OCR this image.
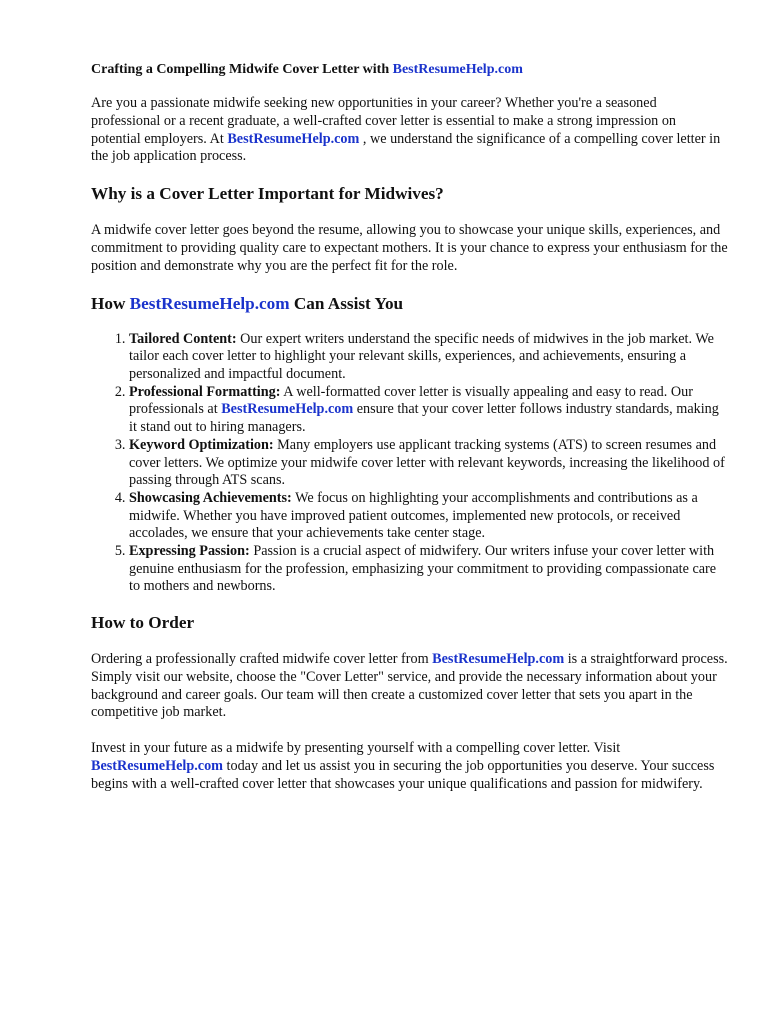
Crafting a Compelling Midwife Cover Letter with BestResumeHelp.com

Are you a passionate midwife seeking new opportunities in your career? Whether you're a seasoned professional or a recent graduate, a well-crafted cover letter is essential to make a strong impression on potential employers. At BestResumeHelp.com , we understand the significance of a compelling cover letter in the job application process.

Why is a Cover Letter Important for Midwives?

A midwife cover letter goes beyond the resume, allowing you to showcase your unique skills, experiences, and commitment to providing quality care to expectant mothers. It is your chance to express your enthusiasm for the position and demonstrate why you are the perfect fit for the role.

How BestResumeHelp.com Can Assist You
1. Tailored Content: Our expert writers understand the specific needs of midwives in the job market. We tailor each cover letter to highlight your relevant skills, experiences, and achievements, ensuring a personalized and impactful document.
2. Professional Formatting: A well-formatted cover letter is visually appealing and easy to read. Our professionals at BestResumeHelp.com ensure that your cover letter follows industry standards, making it stand out to hiring managers.
3. Keyword Optimization: Many employers use applicant tracking systems (ATS) to screen resumes and cover letters. We optimize your midwife cover letter with relevant keywords, increasing the likelihood of passing through ATS scans.
4. Showcasing Achievements: We focus on highlighting your accomplishments and contributions as a midwife. Whether you have improved patient outcomes, implemented new protocols, or received accolades, we ensure that your achievements take center stage.
5. Expressing Passion: Passion is a crucial aspect of midwifery. Our writers infuse your cover letter with genuine enthusiasm for the profession, emphasizing your commitment to providing compassionate care to mothers and newborns.
How to Order

Ordering a professionally crafted midwife cover letter from BestResumeHelp.com is a straightforward process. Simply visit our website, choose the "Cover Letter" service, and provide the necessary information about your background and career goals. Our team will then create a customized cover letter that sets you apart in the competitive job market.

Invest in your future as a midwife by presenting yourself with a compelling cover letter. Visit BestResumeHelp.com today and let us assist you in securing the job opportunities you deserve. Your success begins with a well-crafted cover letter that showcases your unique qualifications and passion for midwifery.
